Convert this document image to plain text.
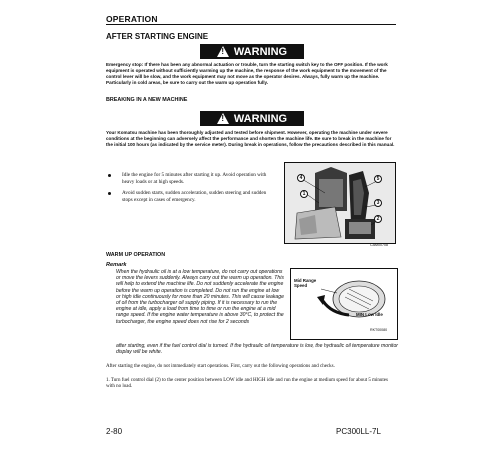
OPERATION
AFTER STARTING ENGINE
! WARNING
Emergency stop: If there has been any abnormal actuation or trouble, turn the starting switch key to the OFF position. If the work equipment is operated without sufficiently warming up the machine, the response of the work equipment to the movement of the control lever will be slow, and the work equipment may not move as the operator desires. Always, fully warm up the machine. Particularly in cold areas, be sure to carry out the warm up operation fully.
BREAKING IN A NEW MACHINE
! WARNING
Your Komatsu machine has been thoroughly adjusted and tested before shipment. However, operating the machine under severe conditions at the beginning can adversely affect the performance and shorten the machine life. Be sure to break in the machine for the initial 100 hours (as indicated by the service meter). During break in operations, follow the precautions described in this manual.
Idle the engine for 5 minutes after starting it up. Avoid operation with heavy loads or at high speeds.
Avoid sudden starts, sudden acceleration, sudden steering and sudden stops except in cases of emergency.
4
1
5
3
2
CAM00708
WARM UP OPERATION
Remark
When the hydraulic oil is at a low temperature, do not carry out operations or move the levers suddenly. Always carry out the warm up operation. This will help to extend the machine life. Do not suddenly accelerate the engine before the warm up operation is completed. Do not run the engine at low or high idle continuously for more than 20 minutes. This will cause leakage of oil from the turbocharger oil supply piping. If it is necessary to run the engine at idle, apply a load from time to time or run the engine at a mid range speed. If the engine water temperature is above 30°C, to protect the turbocharger, the engine speed does not rise for 2 seconds
after starting, even if the fuel control dial is turned. If the hydraulic oil temperature is low, the hydraulic oil temperature monitor display will be white.
Mid Range Speed
MIN Low Idle
RKT00080
After starting the engine, do not immediately start operations. First, carry out the following operations and checks.
1. Turn fuel control dial (2) to the center position between LOW idle and HIGH idle and run the engine at medium speed for about 5 minutes with no load.
2-80	PC300LL-7L
